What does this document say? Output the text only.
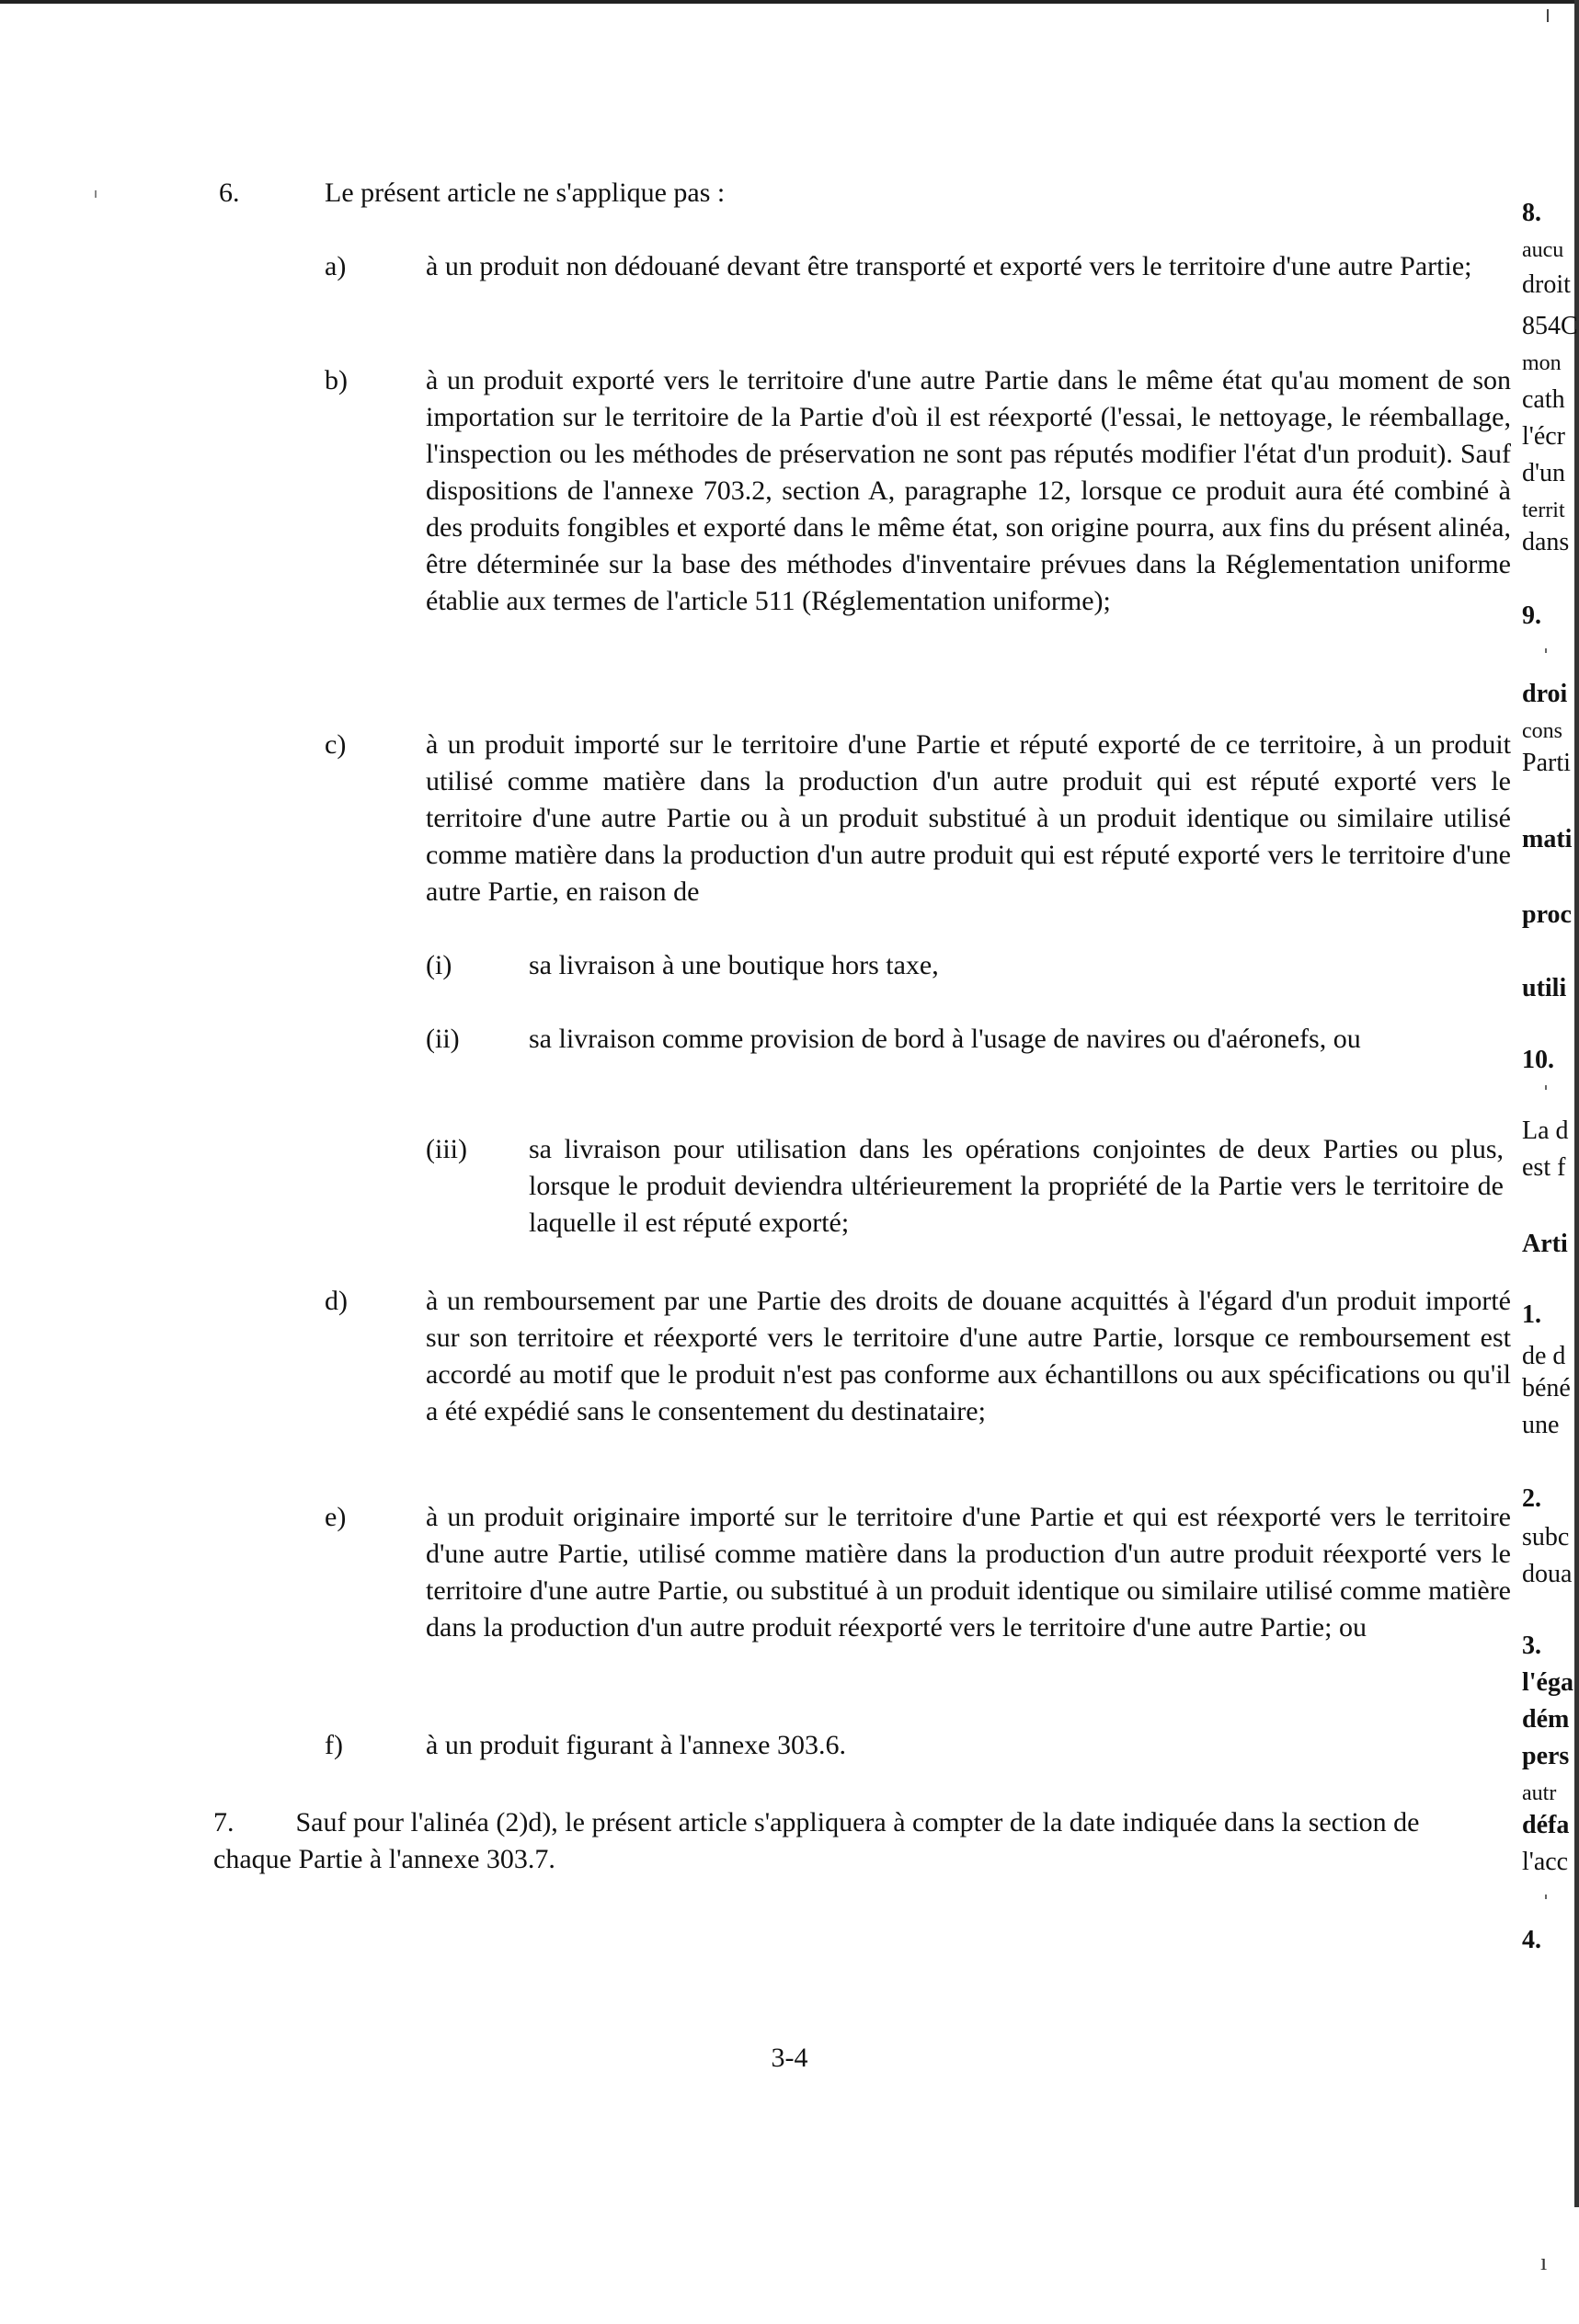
6.	Le présent article ne s'applique pas :
a)	à un produit non dédouané devant être transporté et exporté vers le territoire d'une autre Partie;
b)	à un produit exporté vers le territoire d'une autre Partie dans le même état qu'au moment de son importation sur le territoire de la Partie d'où il est réexporté (l'essai, le nettoyage, le réemballage, l'inspection ou les méthodes de préservation ne sont pas réputés modifier l'état d'un produit). Sauf dispositions de l'annexe 703.2, section A, paragraphe 12, lorsque ce produit aura été combiné à des produits fongibles et exporté dans le même état, son origine pourra, aux fins du présent alinéa, être déterminée sur la base des méthodes d'inventaire prévues dans la Réglementation uniforme établie aux termes de l'article 511 (Réglementation uniforme);
c)	à un produit importé sur le territoire d'une Partie et réputé exporté de ce territoire, à un produit utilisé comme matière dans la production d'un autre produit qui est réputé exporté vers le territoire d'une autre Partie ou à un produit substitué à un produit identique ou similaire utilisé comme matière dans la production d'un autre produit qui est réputé exporté vers le territoire d'une autre Partie, en raison de
(i)	sa livraison à une boutique hors taxe,
(ii)	sa livraison comme provision de bord à l'usage de navires ou d'aéronefs, ou
(iii) sa livraison pour utilisation dans les opérations conjointes de deux Parties ou plus, lorsque le produit deviendra ultérieurement la propriété de la Partie vers le territoire de laquelle il est réputé exporté;
d)	à un remboursement par une Partie des droits de douane acquittés à l'égard d'un produit importé sur son territoire et réexporté vers le territoire d'une autre Partie, lorsque ce remboursement est accordé au motif que le produit n'est pas conforme aux échantillons ou aux spécifications ou qu'il a été expédié sans le consentement du destinataire;
e)	à un produit originaire importé sur le territoire d'une Partie et qui est réexporté vers le territoire d'une autre Partie, utilisé comme matière dans la production d'un autre produit réexporté vers le territoire d'une autre Partie, ou substitué à un produit identique ou similaire utilisé comme matière dans la production d'un autre produit réexporté vers le territoire d'une autre Partie; ou
f)	à un produit figurant à l'annexe 303.6.
7. Sauf pour l'alinéa (2)d), le présent article s'appliquera à compter de la date indiquée dans la section de chaque Partie à l'annexe 303.7.
3-4
8.
aucu
droit
854C
mon
cath
l'écr
d'un
territ
dans
9.
droi
cons
Parti
mati
proc
utili
10.
La d
est f
Arti
1.
de d
béné
une
2.
subc
doua
3.
l'éga
dém
pers
autr
défa
l'acc
4.
ı
